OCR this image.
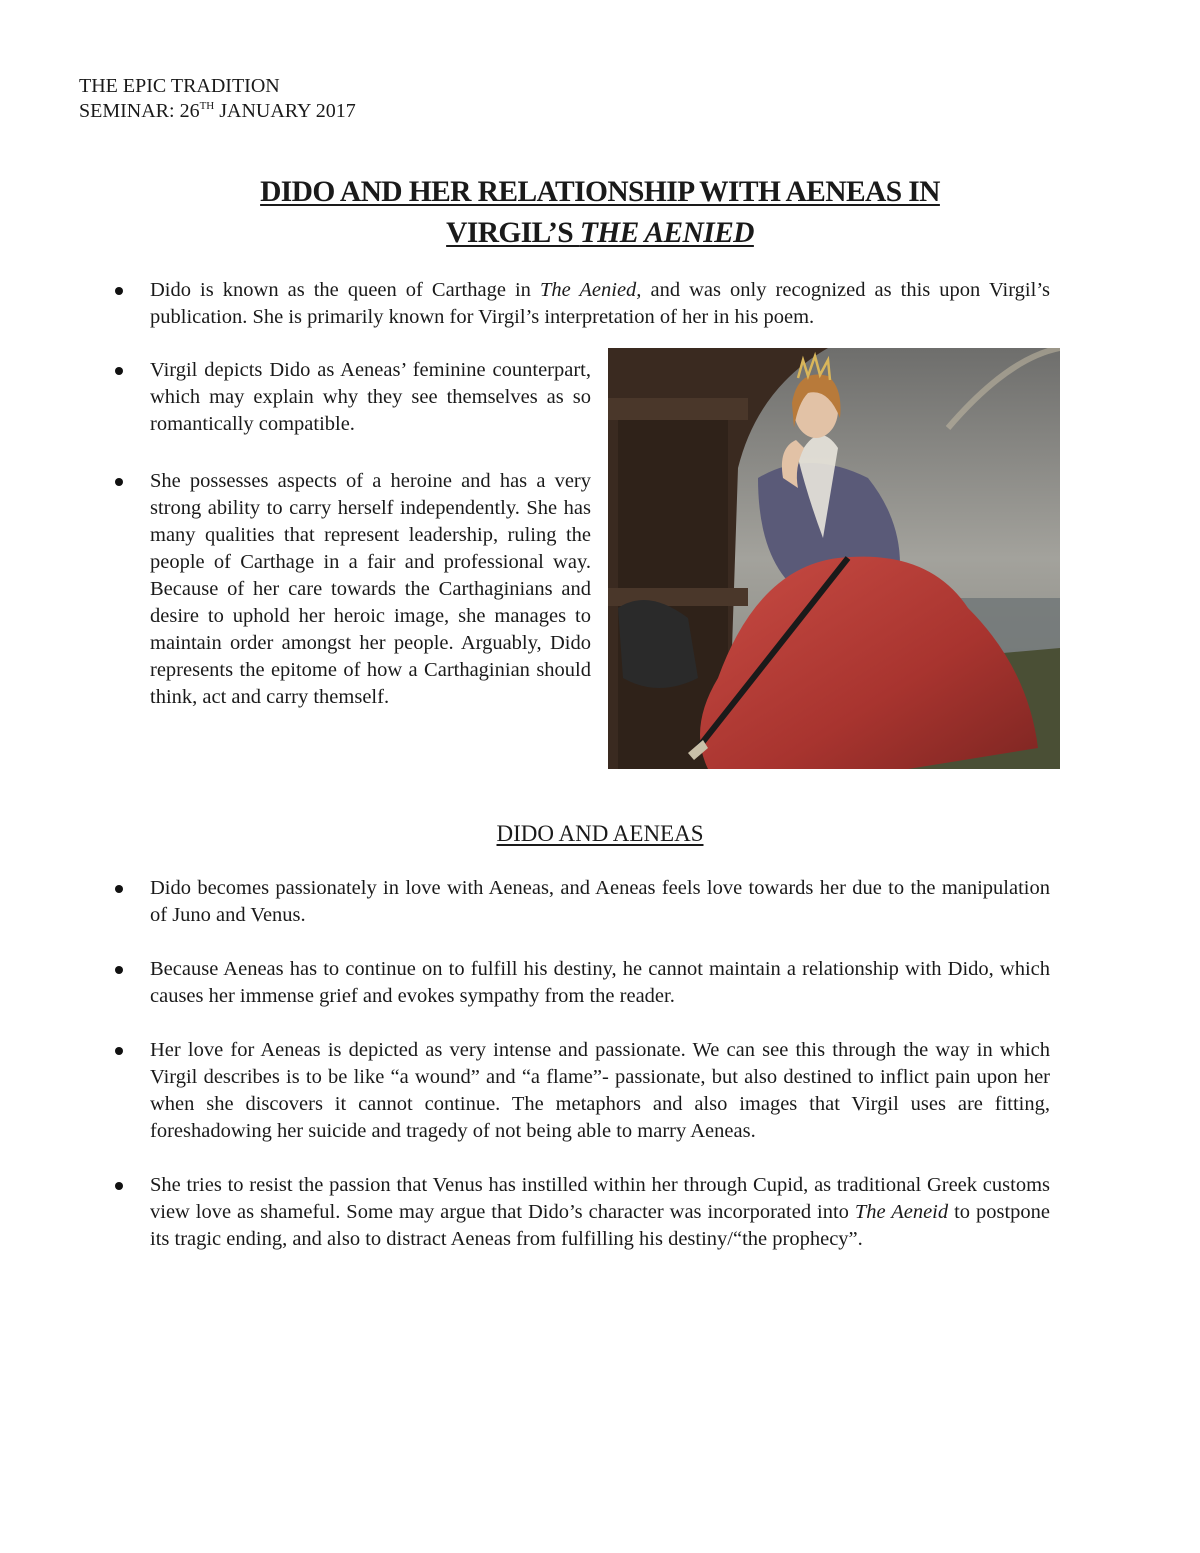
THE EPIC TRADITION
SEMINAR: 26TH JANUARY 2017
DIDO AND HER RELATIONSHIP WITH AENEAS IN
VIRGIL’S THE AENIED
Dido is known as the queen of Carthage in The Aenied, and was only recognized as this upon Virgil’s publication. She is primarily known for Virgil’s interpretation of her in his poem.
Virgil depicts Dido as Aeneas’ feminine counterpart, which may explain why they see themselves as so romantically compatible.
She possesses aspects of a heroine and has a very strong ability to carry herself independently. She has many qualities that represent leadership, ruling the people of Carthage in a fair and professional way. Because of her care towards the Carthaginians and desire to uphold her heroic image, she manages to maintain order amongst her people. Arguably, Dido represents the epitome of how a Carthaginian should think, act and carry themself.
DIDO AND AENEAS
Dido becomes passionately in love with Aeneas, and Aeneas feels love towards her due to the manipulation of Juno and Venus.
Because Aeneas has to continue on to fulfill his destiny, he cannot maintain a relationship with Dido, which causes her immense grief and evokes sympathy from the reader.
Her love for Aeneas is depicted as very intense and passionate. We can see this through the way in which Virgil describes is to be like “a wound” and “a flame”- passionate, but also destined to inflict pain upon her when she discovers it cannot continue. The metaphors and also images that Virgil uses are fitting, foreshadowing her suicide and tragedy of not being able to marry Aeneas.
She tries to resist the passion that Venus has instilled within her through Cupid, as traditional Greek customs view love as shameful. Some may argue that Dido’s character was incorporated into The Aeneid to postpone its tragic ending, and also to distract Aeneas from fulfilling his destiny/“the prophecy”.
